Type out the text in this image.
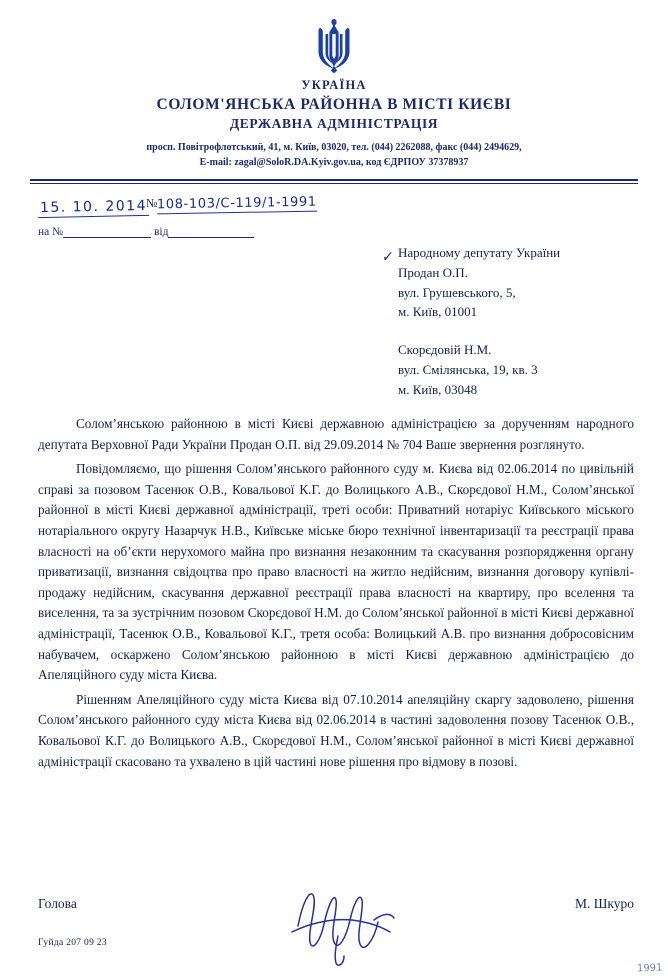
УКРАЇНА
СОЛОМ'ЯНСЬКА РАЙОННА В МІСТІ КИЄВІ
ДЕРЖАВНА АДМІНІСТРАЦІЯ
просп. Повітрофлотський, 41, м. Київ, 03020, тел. (044) 2262088, факс (044) 2494629,
E-mail: zagal@SoloR.DA.Kyiv.gov.ua, код ЄДРПОУ 37378937
15. 10. 2014
№108-103/С-119/1-1991
на №	від
✓ Народному депутату України
Продан О.П.
вул. Грушевського, 5,
м. Київ, 01001
Скорєдовій Н.М.
вул. Смілянська, 19, кв. 3
м. Київ, 03048

Солом’янською районною в місті Києві державною адміністрацією за дорученням народного депутата Верховної Ради України Продан О.П. від 29.09.2014 № 704 Ваше звернення розглянуто.

Повідомляємо, що рішення Солом’янського районного суду м. Києва від 02.06.2014 по цивільній справі за позовом Тасенюк О.В., Ковальової К.Г. до Волицького А.В., Скорєдової Н.М., Солом’янської районної в місті Києві державної адміністрації, треті особи: Приватний нотаріус Київського міського нотаріального округу Назарчук Н.В., Київське міське бюро технічної інвентаризації та реєстрації права власності на об’єкти нерухомого майна про визнання незаконним та скасування розпорядження органу приватизації, визнання свідоцтва про право власності на житло недійсним, визнання договору купівлі-продажу недійсним, скасування державної реєстрації права власності на квартиру, про вселення та виселення, та за зустрічним позовом Скорєдової Н.М. до Солом’янської районної в місті Києві державної адміністрації, Тасенюк О.В., Ковальової К.Г., третя особа: Волицький А.В. про визнання добросовісним набувачем, оскаржено Солом’янською районною в місті Києві державною адміністрацією до Апеляційного суду міста Києва.

Рішенням Апеляційного суду міста Києва від 07.10.2014 апеляційну скаргу задоволено, рішення Солом’янського районного суду міста Києва від 02.06.2014 в частині задоволення позову Тасенюк О.В., Ковальової К.Г. до Волицького А.В., Скорєдової Н.М., Солом’янської районної в місті Києві державної адміністрації скасовано та ухвалено в цій частині нове рішення про відмову в позові.

Голова	М. Шкуро
Гуйда 207 09 23
1991
